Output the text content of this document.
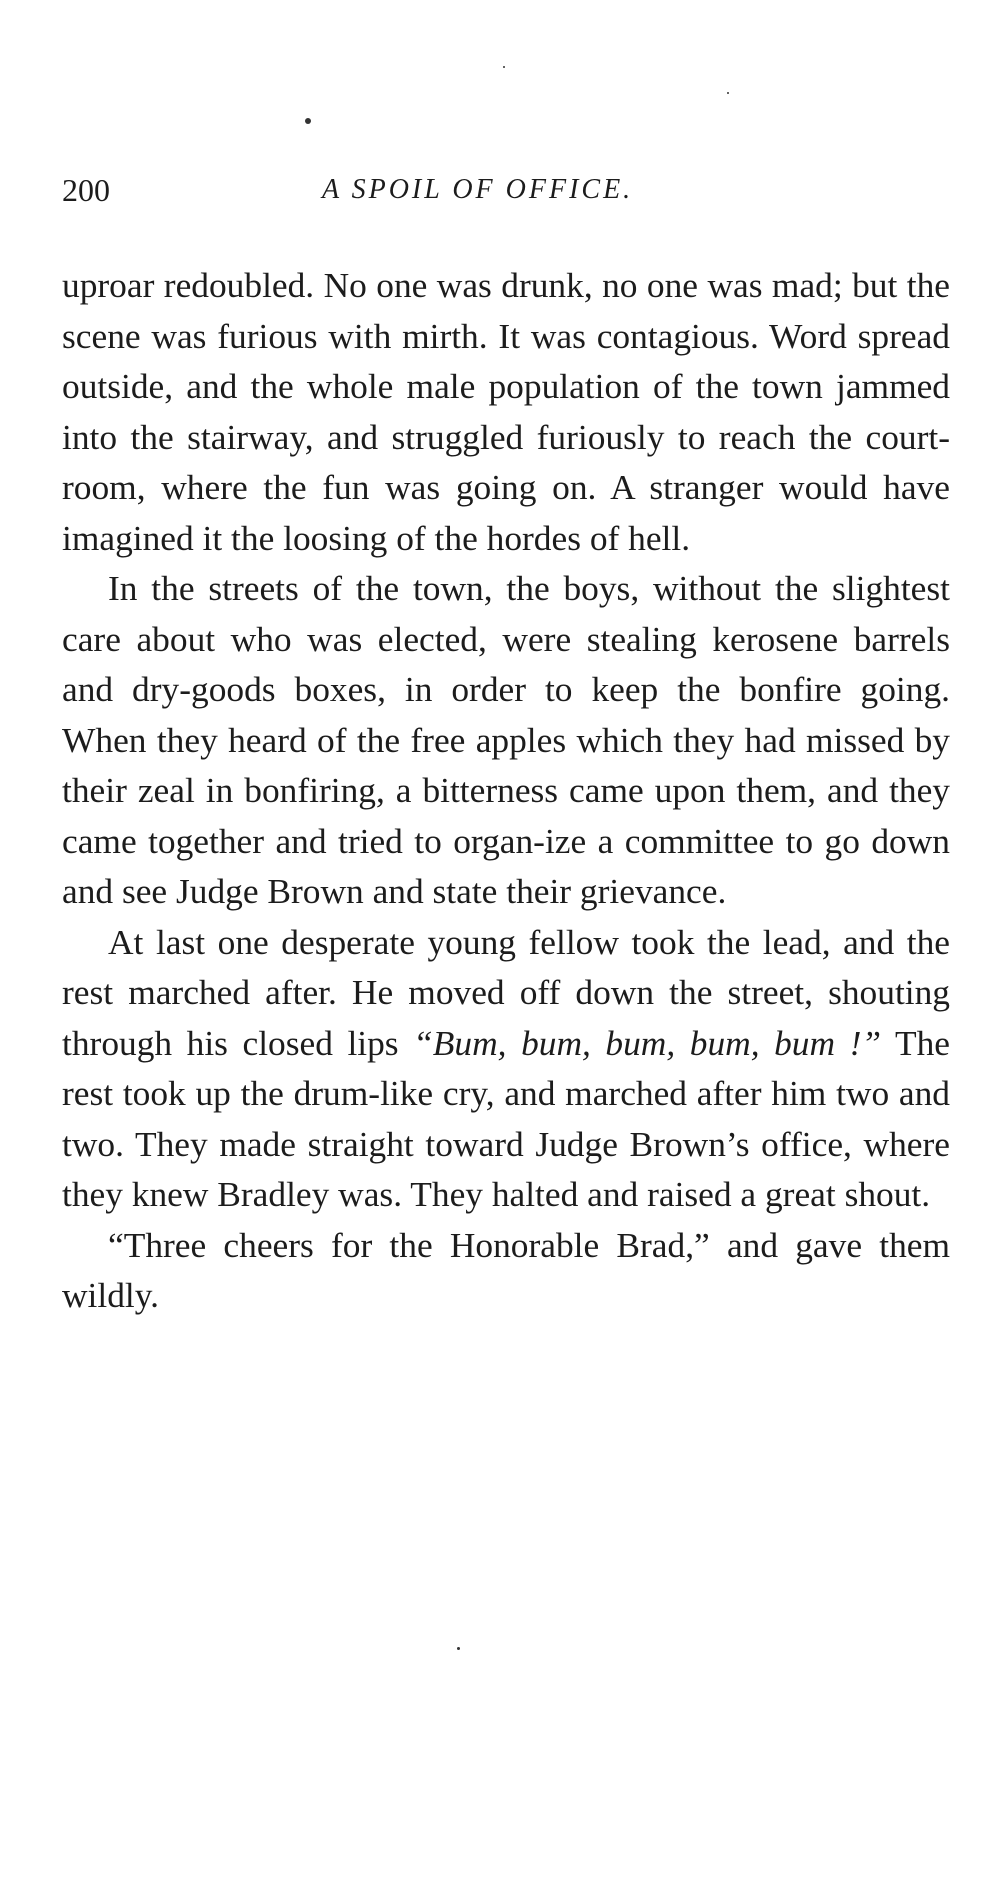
200	A SPOIL OF OFFICE.

uproar redoubled. No one was drunk, no one was mad; but the scene was furious with mirth. It was contagious. Word spread outside, and the whole male population of the town jammed into the stairway, and struggled furiously to reach the court-room, where the fun was going on. A stranger would have imagined it the loosing of the hordes of hell.

In the streets of the town, the boys, without the slightest care about who was elected, were stealing kerosene barrels and dry-goods boxes, in order to keep the bonfire going. When they heard of the free apples which they had missed by their zeal in bonfiring, a bitterness came upon them, and they came together and tried to organ-ize a committee to go down and see Judge Brown and state their grievance.

At last one desperate young fellow took the lead, and the rest marched after. He moved off down the street, shouting through his closed lips “Bum, bum, bum, bum, bum !” The rest took up the drum-like cry, and marched after him two and two. They made straight toward Judge Brown’s office, where they knew Bradley was. They halted and raised a great shout.

“Three cheers for the Honorable Brad,” and gave them wildly.
